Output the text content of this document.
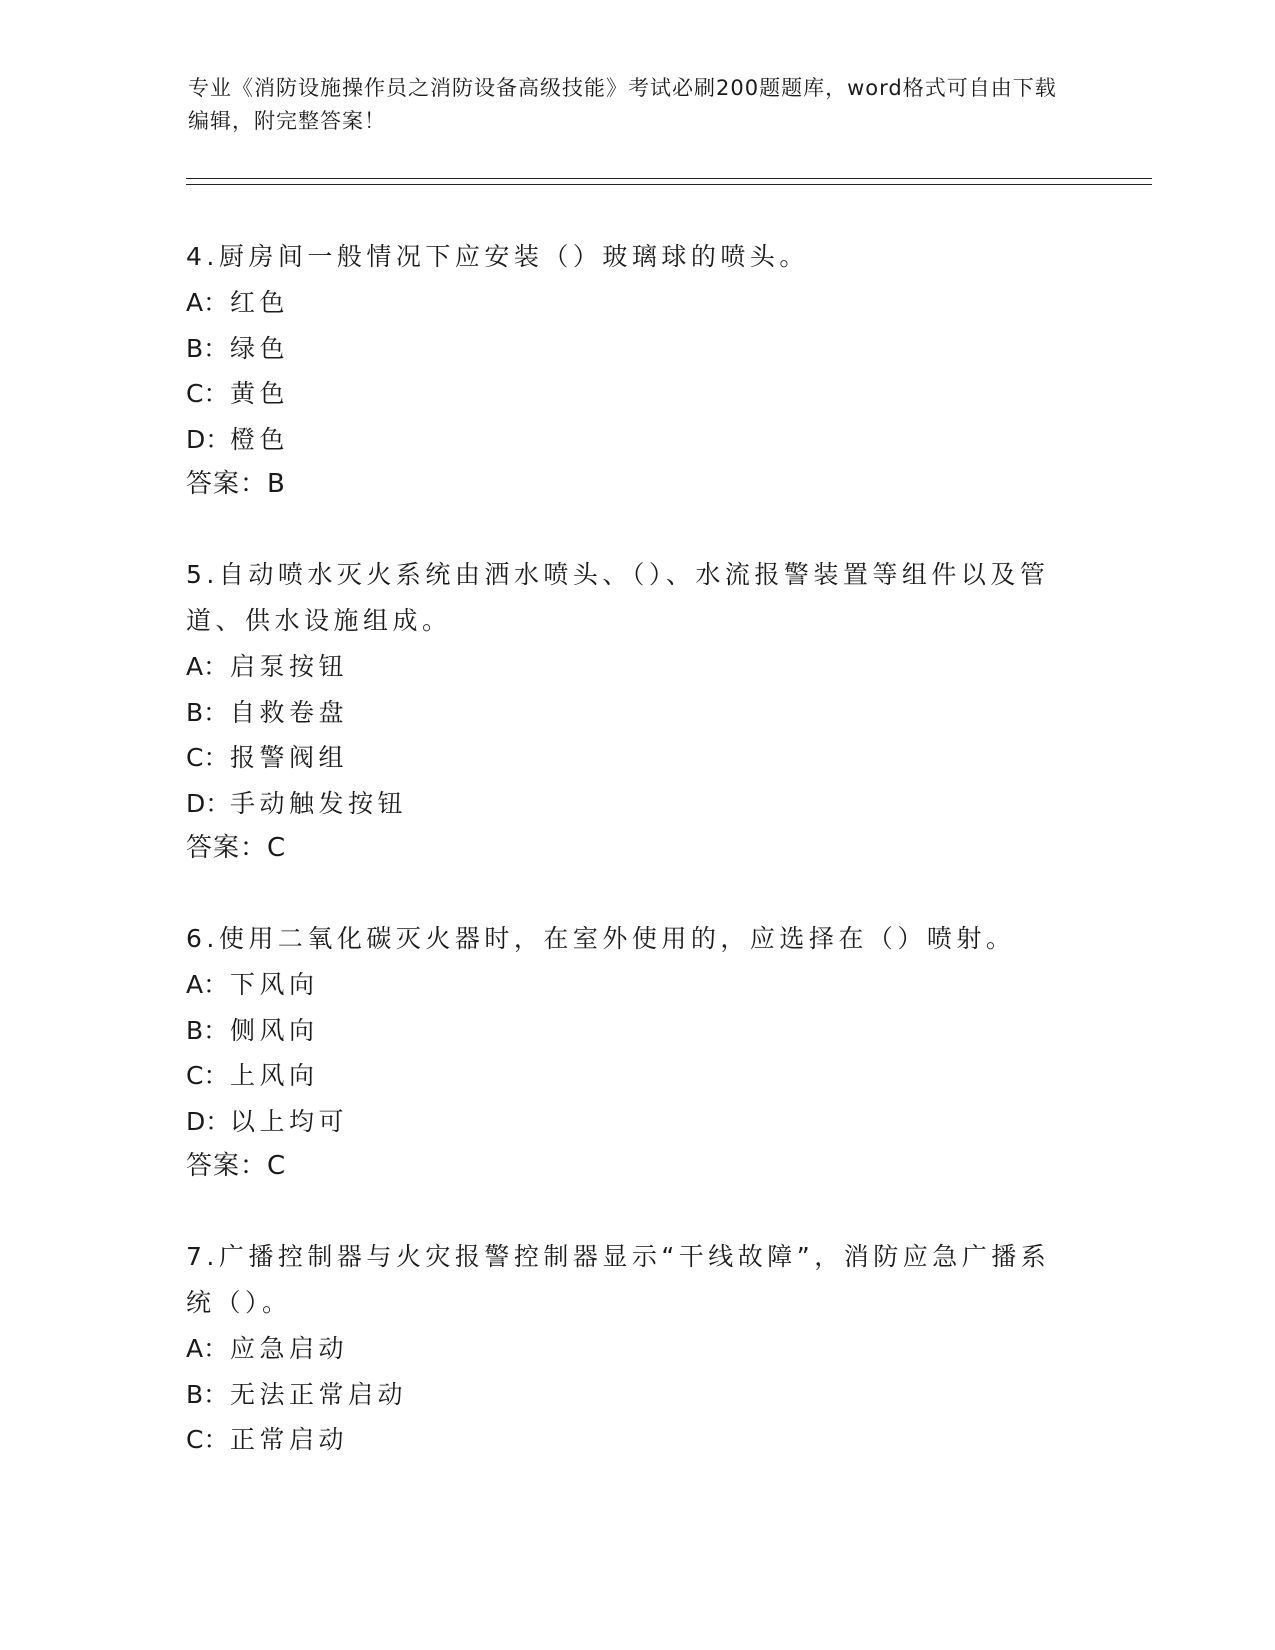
专业《消防设施操作员之消防设备高级技能》考试必刷200题题库，word格式可自由下载编辑，附完整答案！

4.厨房间一般情况下应安装（）玻璃球的喷头。

A：红色

B：绿色

C：黄色

D：橙色

答案：B

5.自动喷水灭火系统由洒水喷头、（）、水流报警装置等组件以及管道、供水设施组成。

A：启泵按钮

B：自救卷盘

C：报警阀组

D：手动触发按钮

答案：C

6.使用二氧化碳灭火器时，在室外使用的，应选择在（）喷射。

A：下风向

B：侧风向

C：上风向

D：以上均可

答案：C

7.广播控制器与火灾报警控制器显示“干线故障”，消防应急广播系统（）。

A：应急启动

B：无法正常启动

C：正常启动
